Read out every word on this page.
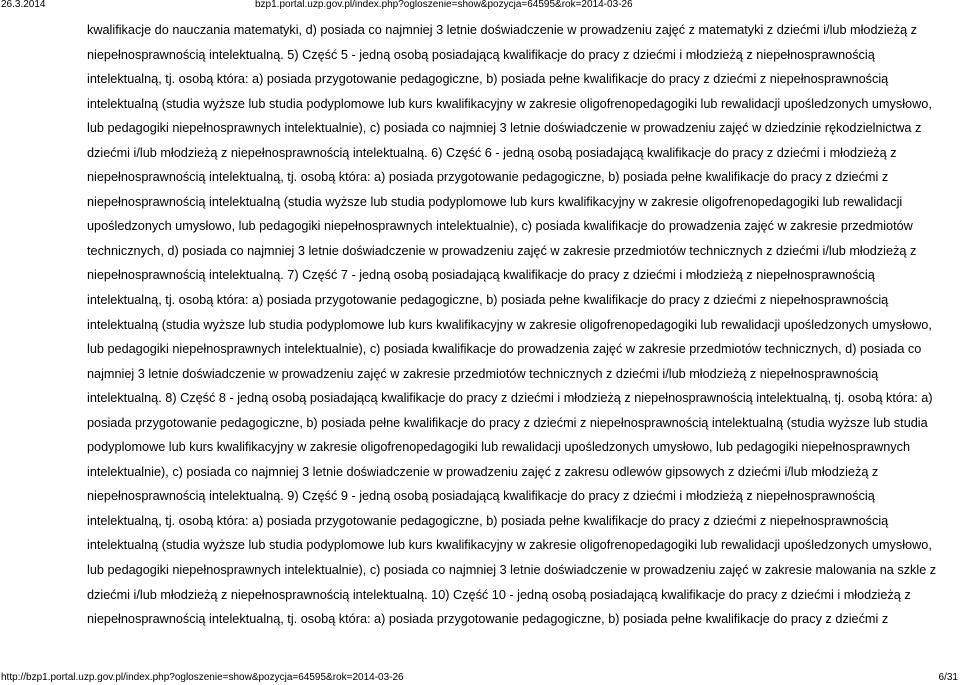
26.3.2014	bzp1.portal.uzp.gov.pl/index.php?ogloszenie=show&pozycja=64595&rok=2014-03-26
kwalifikacje do nauczania matematyki, d) posiada co najmniej 3 letnie doświadczenie w prowadzeniu zajęć z matematyki z dziećmi i/lub młodzieżą z
niepełnosprawnością intelektualną. 5) Część 5 - jedną osobą posiadającą kwalifikacje do pracy z dziećmi i młodzieżą z niepełnosprawnością
intelektualną, tj. osobą która: a) posiada przygotowanie pedagogiczne, b) posiada pełne kwalifikacje do pracy z dziećmi z niepełnosprawnością
intelektualną (studia wyższe lub studia podyplomowe lub kurs kwalifikacyjny w zakresie oligofrenopedagogiki lub rewalidacji upośledzonych umysłowo,
lub pedagogiki niepełnosprawnych intelektualnie), c) posiada co najmniej 3 letnie doświadczenie w prowadzeniu zajęć w dziedzinie rękodzielnictwa z
dziećmi i/lub młodzieżą z niepełnosprawnością intelektualną. 6) Część 6 - jedną osobą posiadającą kwalifikacje do pracy z dziećmi i młodzieżą z
niepełnosprawnością intelektualną, tj. osobą która: a) posiada przygotowanie pedagogiczne, b) posiada pełne kwalifikacje do pracy z dziećmi z
niepełnosprawnością intelektualną (studia wyższe lub studia podyplomowe lub kurs kwalifikacyjny w zakresie oligofrenopedagogiki lub rewalidacji
upośledzonych umysłowo, lub pedagogiki niepełnosprawnych intelektualnie), c) posiada kwalifikacje do prowadzenia zajęć w zakresie przedmiotów
technicznych, d) posiada co najmniej 3 letnie doświadczenie w prowadzeniu zajęć w zakresie przedmiotów technicznych z dziećmi i/lub młodzieżą z
niepełnosprawnością intelektualną. 7) Część 7 - jedną osobą posiadającą kwalifikacje do pracy z dziećmi i młodzieżą z niepełnosprawnością
intelektualną, tj. osobą która: a) posiada przygotowanie pedagogiczne, b) posiada pełne kwalifikacje do pracy z dziećmi z niepełnosprawnością
intelektualną (studia wyższe lub studia podyplomowe lub kurs kwalifikacyjny w zakresie oligofrenopedagogiki lub rewalidacji upośledzonych umysłowo,
lub pedagogiki niepełnosprawnych intelektualnie), c) posiada kwalifikacje do prowadzenia zajęć w zakresie przedmiotów technicznych, d) posiada co
najmniej 3 letnie doświadczenie w prowadzeniu zajęć w zakresie przedmiotów technicznych z dziećmi i/lub młodzieżą z niepełnosprawnością
intelektualną. 8) Część 8 - jedną osobą posiadającą kwalifikacje do pracy z dziećmi i młodzieżą z niepełnosprawnością intelektualną, tj. osobą która: a)
posiada przygotowanie pedagogiczne, b) posiada pełne kwalifikacje do pracy z dziećmi z niepełnosprawnością intelektualną (studia wyższe lub studia
podyplomowe lub kurs kwalifikacyjny w zakresie oligofrenopedagogiki lub rewalidacji upośledzonych umysłowo, lub pedagogiki niepełnosprawnych
intelektualnie), c) posiada co najmniej 3 letnie doświadczenie w prowadzeniu zajęć z zakresu odlewów gipsowych z dziećmi i/lub młodzieżą z
niepełnosprawnością intelektualną. 9) Część 9 - jedną osobą posiadającą kwalifikacje do pracy z dziećmi i młodzieżą z niepełnosprawnością
intelektualną, tj. osobą która: a) posiada przygotowanie pedagogiczne, b) posiada pełne kwalifikacje do pracy z dziećmi z niepełnosprawnością
intelektualną (studia wyższe lub studia podyplomowe lub kurs kwalifikacyjny w zakresie oligofrenopedagogiki lub rewalidacji upośledzonych umysłowo,
lub pedagogiki niepełnosprawnych intelektualnie), c) posiada co najmniej 3 letnie doświadczenie w prowadzeniu zajęć w zakresie malowania na szkle z
dziećmi i/lub młodzieżą z niepełnosprawnością intelektualną. 10) Część 10 - jedną osobą posiadającą kwalifikacje do pracy z dziećmi i młodzieżą z
niepełnosprawnością intelektualną, tj. osobą która: a) posiada przygotowanie pedagogiczne, b) posiada pełne kwalifikacje do pracy z dziećmi z
http://bzp1.portal.uzp.gov.pl/index.php?ogloszenie=show&pozycja=64595&rok=2014-03-26	6/31
